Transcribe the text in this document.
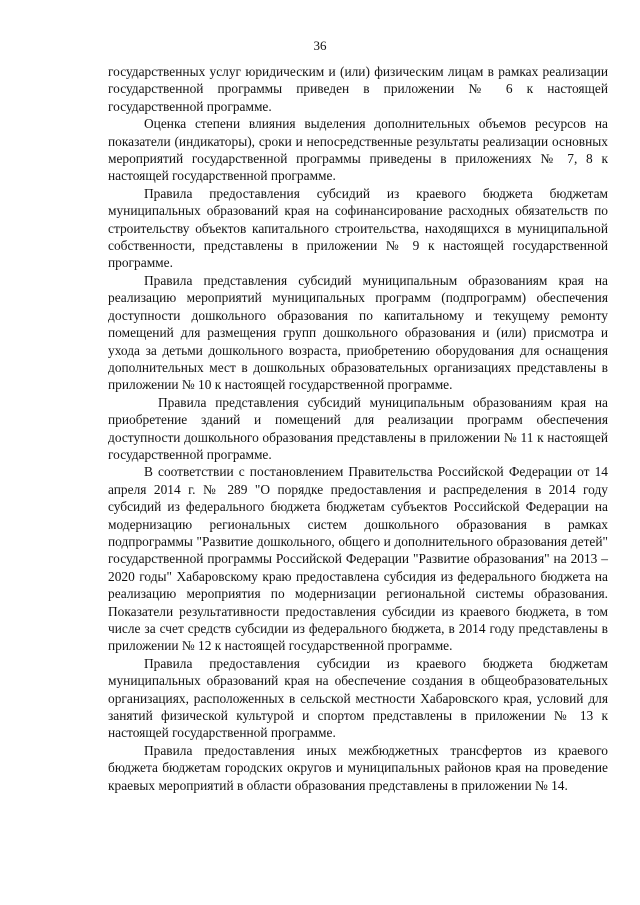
36

государственных услуг юридическим и (или) физическим лицам в рамках реализации государственной программы приведен в приложении № 6 к настоящей государственной программе.

Оценка степени влияния выделения дополнительных объемов ресурсов на показатели (индикаторы), сроки и непосредственные результаты реализации основных мероприятий государственной программы приведены в приложениях № 7, 8 к настоящей государственной программе.

Правила предоставления субсидий из краевого бюджета бюджетам муниципальных образований края на софинансирование расходных обязательств по строительству объектов капитального строительства, находящихся в муниципальной собственности, представлены в приложении № 9 к настоящей государственной программе.

Правила представления субсидий муниципальным образованиям края на реализацию мероприятий муниципальных программ (подпрограмм) обеспечения доступности дошкольного образования по капитальному и текущему ремонту помещений для размещения групп дошкольного образования и (или) присмотра и ухода за детьми дошкольного возраста, приобретению оборудования для оснащения дополнительных мест в дошкольных образовательных организациях представлены в приложении № 10 к настоящей государственной программе.

Правила представления субсидий муниципальным образованиям края на приобретение зданий и помещений для реализации программ обеспечения доступности дошкольного образования представлены в приложении № 11 к настоящей государственной программе.

В соответствии с постановлением Правительства Российской Федерации от 14 апреля 2014 г. № 289 "О порядке предоставления и распределения в 2014 году субсидий из федерального бюджета бюджетам субъектов Российской Федерации на модернизацию региональных систем дошкольного образования в рамках подпрограммы "Развитие дошкольного, общего и дополнительного образования детей" государственной программы Российской Федерации "Развитие образования" на 2013 – 2020 годы" Хабаровскому краю предоставлена субсидия из федерального бюджета на реализацию мероприятия по модернизации региональной системы образования. Показатели результативности предоставления субсидии из краевого бюджета, в том числе за счет средств субсидии из федерального бюджета, в 2014 году представлены в приложении № 12 к настоящей государственной программе.

Правила предоставления субсидии из краевого бюджета бюджетам муниципальных образований края на обеспечение создания в общеобразовательных организациях, расположенных в сельской местности Хабаровского края, условий для занятий физической культурой и спортом представлены в приложении № 13 к настоящей государственной программе.

Правила предоставления иных межбюджетных трансфертов из краевого бюджета бюджетам городских округов и муниципальных районов края на проведение краевых мероприятий в области образования представлены в приложении № 14.
